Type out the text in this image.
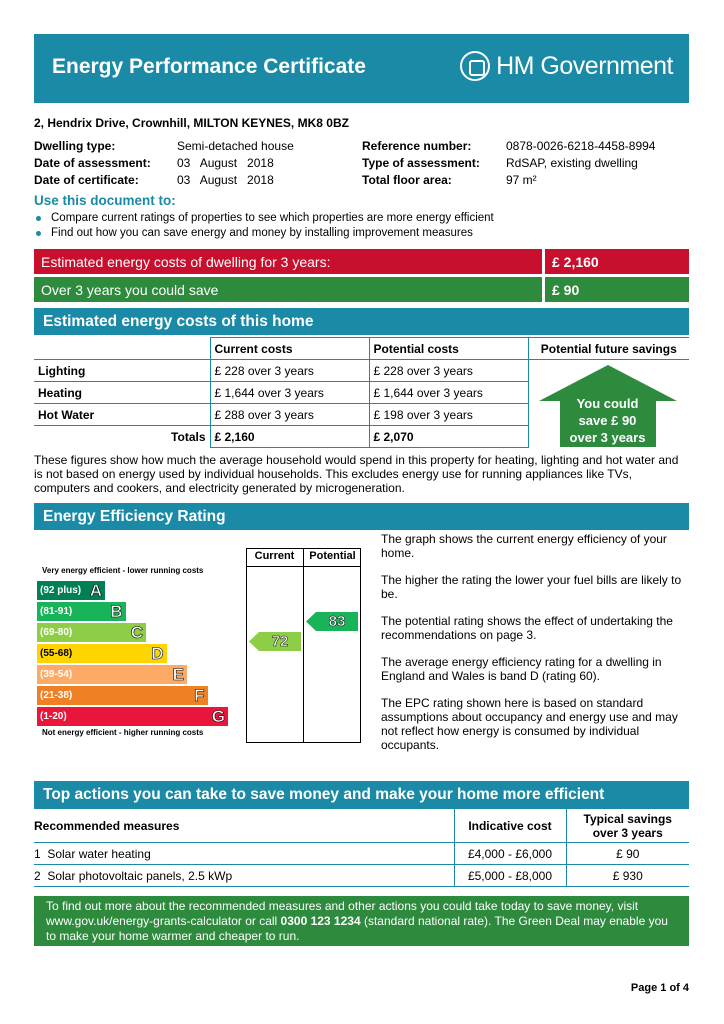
Energy Performance Certificate	HM Government
2, Hendrix Drive, Crownhill, MILTON KEYNES, MK8 0BZ
Dwelling type:	Semi-detached house
Date of assessment:	03   August   2018
Date of certificate:	03   August   2018
Reference number:	0878-0026-6218-4458-8994
Type of assessment:	RdSAP, existing dwelling
Total floor area:	97 m²
Use this document to:
Compare current ratings of properties to see which properties are more energy efficient
Find out how you can save energy and money by installing improvement measures
Estimated energy costs of dwelling for 3 years:	£ 2,160
Over 3 years you could save	£ 90
Estimated energy costs of this home
	Current costs	Potential costs	Potential future savings
Lighting	£ 228 over 3 years	£ 228 over 3 years	You could
save £ 90
over 3 years

Heating	£ 1,644 over 3 years	£ 1,644 over 3 years	
Hot Water	£ 288 over 3 years	£ 198 over 3 years	
Totals	£ 2,160	£ 2,070	
These figures show how much the average household would spend in this property for heating, lighting and hot water and is not based on energy used by individual households. This excludes energy use for running appliances like TVs, computers and cookers, and electricity generated by microgeneration.
Energy Efficiency Rating
Current	Potential
Very energy efficient - lower running costs
Not energy efficient - higher running costs
(92 plus) A
(81-91) B
(69-80)	C
(55-68)	D
(39-54)	E
(21-38)	F
(1-20)	G
72
83

The graph shows the current energy efficiency of your home.

The higher the rating the lower your fuel bills are likely to be.

The potential rating shows the effect of undertaking the recommendations on page 3.

The average energy efficiency rating for a dwelling in England and Wales is band D (rating 60).

The EPC rating shown here is based on standard assumptions about occupancy and energy use and may not reflect how energy is consumed by individual occupants.

Top actions you can take to save money and make your home more efficient
Recommended measures	Indicative cost	Typical savings over 3 years
1  Solar water heating	£4,000 - £6,000	£ 90
2  Solar photovoltaic panels, 2.5 kWp	£5,000 - £8,000	£ 930
To find out more about the recommended measures and other actions you could take today to save money, visit www.gov.uk/energy-grants-calculator or call 0300 123 1234 (standard national rate). The Green Deal may enable you to make your home warmer and cheaper to run.
Page 1 of 4
